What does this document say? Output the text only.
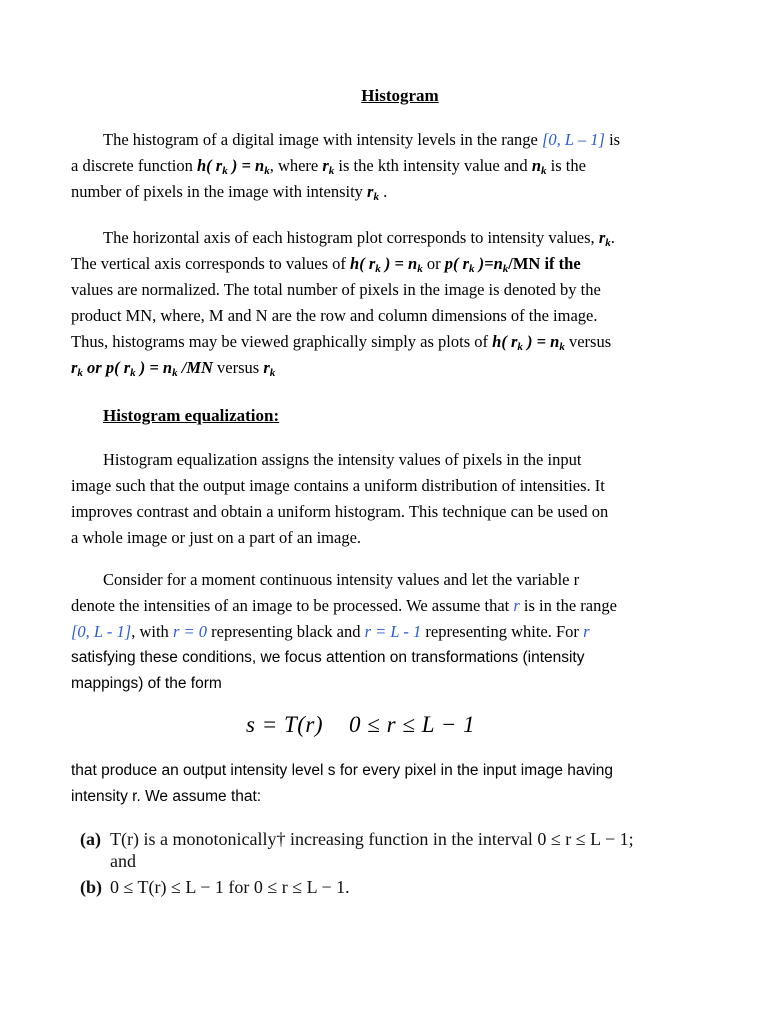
Histogram
The histogram of a digital image with intensity levels in the range [0, L – 1] is
a discrete function h( $r_k$ ) = $n_k$, where $r_k$ is the kth intensity value and $n_k$ is the
number of pixels in the image with intensity $r_k$ .
The horizontal axis of each histogram plot corresponds to intensity values, $r_k$.
The vertical axis corresponds to values of h( $r_k$ ) = $n_k$ or p( $r_k$ )$=n_k/MN$ if the
values are normalized. The total number of pixels in the image is denoted by the
product MN, where, M and N are the row and column dimensions of the image.
Thus, histograms may be viewed graphically simply as plots of h( $r_k$ ) = $n_k$ versus
$r_k$ or p( $r_k$ ) = $n_k$ /MN versus $r_k$
Histogram equalization:
Histogram equalization assigns the intensity values of pixels in the input
image such that the output image contains a uniform distribution of intensities. It
improves contrast and obtain a uniform histogram. This technique can be used on
a whole image or just on a part of an image.
Consider for a moment continuous intensity values and let the variable r
denote the intensities of an image to be processed. We assume that r is in the range
[0, L - 1], with r = 0 representing black and r = L - 1 representing white. For r
satisfying these conditions, we focus attention on transformations (intensity
mappings) of the form
s = T(r) 0 ≤ r ≤ L − 1
that produce an output intensity level s for every pixel in the input image having
intensity r. We assume that:
(a) T(r) is a monotonically† increasing function in the interval 0 ≤ r ≤ L − 1;
and
(b) 0 ≤ T(r) ≤ L − 1 for 0 ≤ r ≤ L − 1.
